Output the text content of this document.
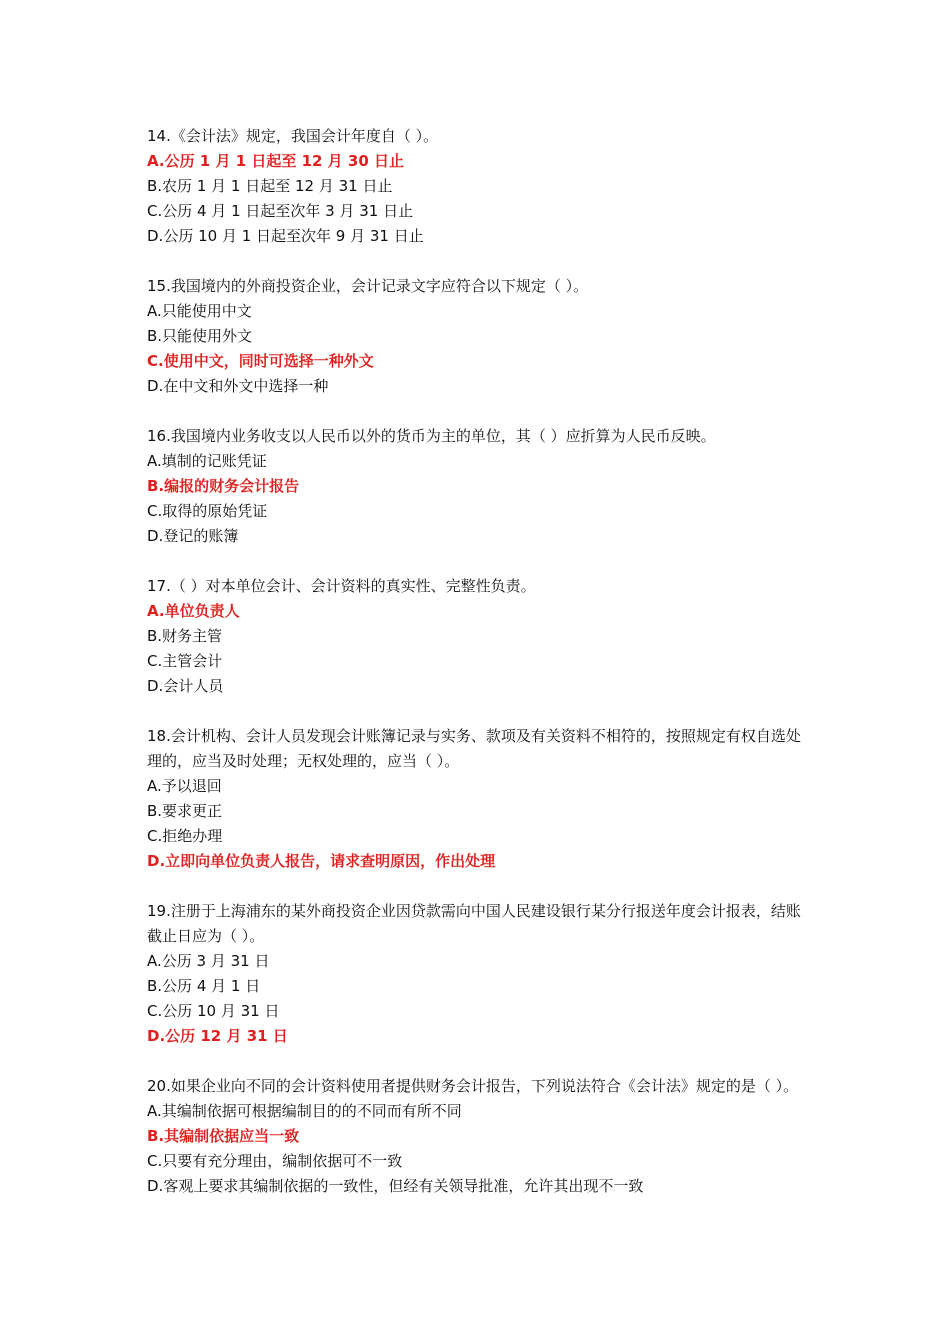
14.《会计法》规定，我国会计年度自（ ）。

A.公历 1 月 1 日起至 12 月 30 日止

B.农历 1 月 1 日起至 12 月 31 日止

C.公历 4 月 1 日起至次年 3 月 31 日止

D.公历 10 月 1 日起至次年 9 月 31 日止

15.我国境内的外商投资企业，会计记录文字应符合以下规定（ ）。

A.只能使用中文

B.只能使用外文

C.使用中文，同时可选择一种外文

D.在中文和外文中选择一种

16.我国境内业务收支以人民币以外的货币为主的单位，其（ ）应折算为人民币反映。

A.填制的记账凭证

B.编报的财务会计报告

C.取得的原始凭证

D.登记的账簿

17.（ ）对本单位会计、会计资料的真实性、完整性负责。

A.单位负责人

B.财务主管

C.主管会计

D.会计人员

18.会计机构、会计人员发现会计账簿记录与实务、款项及有关资料不相符的，按照规定有权自选处理的，应当及时处理；无权处理的，应当（ ）。

A.予以退回

B.要求更正

C.拒绝办理

D.立即向单位负责人报告，请求查明原因，作出处理

19.注册于上海浦东的某外商投资企业因贷款需向中国人民建设银行某分行报送年度会计报表，结账截止日应为（ ）。

A.公历 3 月 31 日

B.公历 4 月 1 日

C.公历 10 月 31 日

D.公历 12 月 31 日

20.如果企业向不同的会计资料使用者提供财务会计报告，下列说法符合《会计法》规定的是（ ）。

A.其编制依据可根据编制目的的不同而有所不同

B.其编制依据应当一致

C.只要有充分理由，编制依据可不一致

D.客观上要求其编制依据的一致性，但经有关领导批准，允许其出现不一致
